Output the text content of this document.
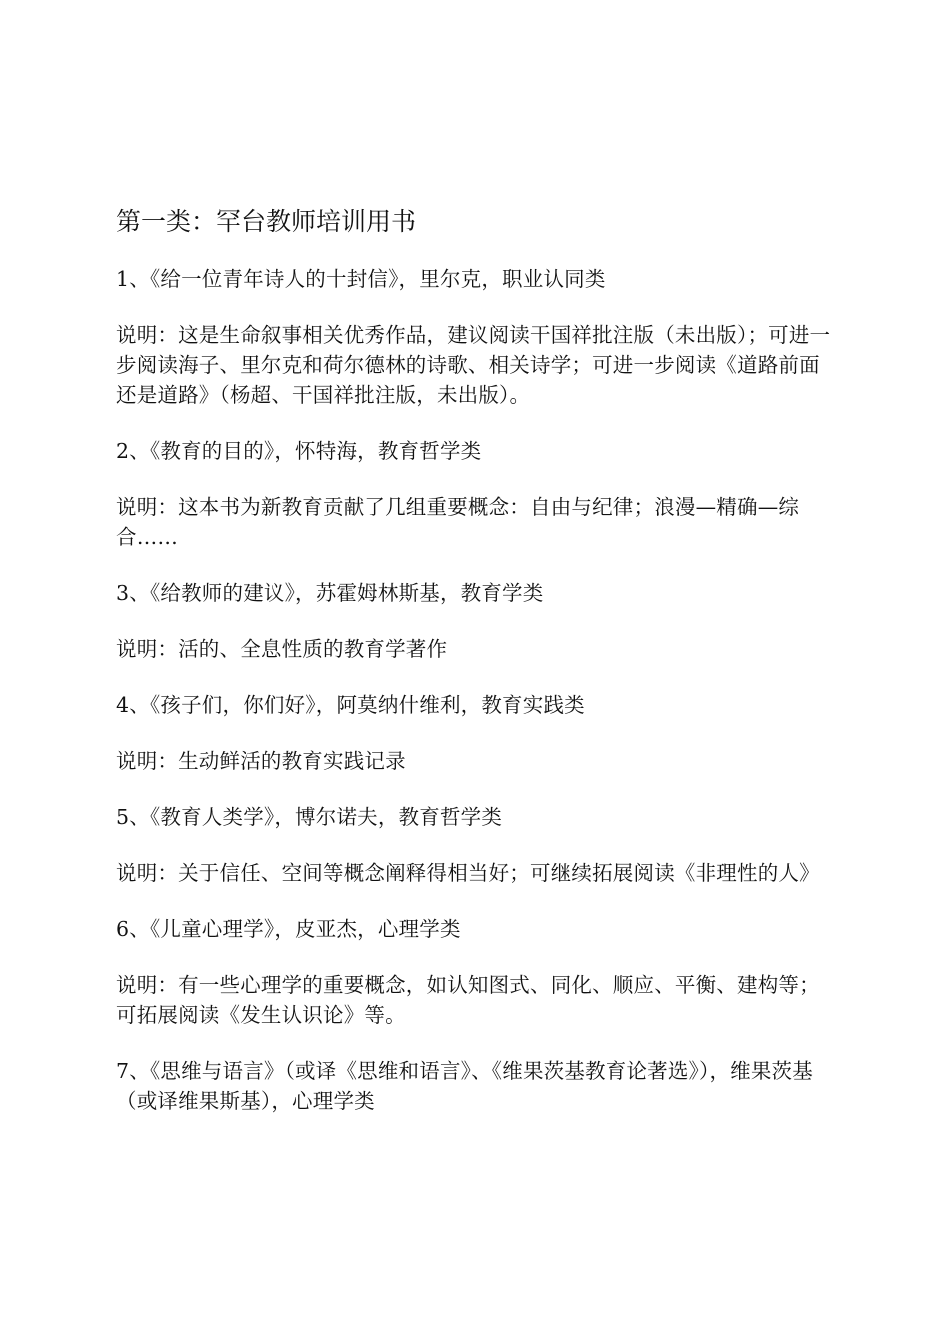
第一类：罕台教师培训用书
1、《给一位青年诗人的十封信》，里尔克，职业认同类
说明：这是生命叙事相关优秀作品，建议阅读干国祥批注版（未出版）；可进一步阅读海子、里尔克和荷尔德林的诗歌、相关诗学；可进一步阅读《道路前面还是道路》（杨超、干国祥批注版，未出版）。
2、《教育的目的》，怀特海，教育哲学类
说明：这本书为新教育贡献了几组重要概念：自由与纪律；浪漫—精确—综合……
3、《给教师的建议》，苏霍姆林斯基，教育学类
说明：活的、全息性质的教育学著作
4、《孩子们，你们好》，阿莫纳什维利，教育实践类
说明：生动鲜活的教育实践记录
5、《教育人类学》，博尔诺夫，教育哲学类
说明：关于信任、空间等概念阐释得相当好；可继续拓展阅读《非理性的人》
6、《儿童心理学》，皮亚杰，心理学类
说明：有一些心理学的重要概念，如认知图式、同化、顺应、平衡、建构等；可拓展阅读《发生认识论》等。
7、《思维与语言》（或译《思维和语言》、《维果茨基教育论著选》），维果茨基（或译维果斯基），心理学类
